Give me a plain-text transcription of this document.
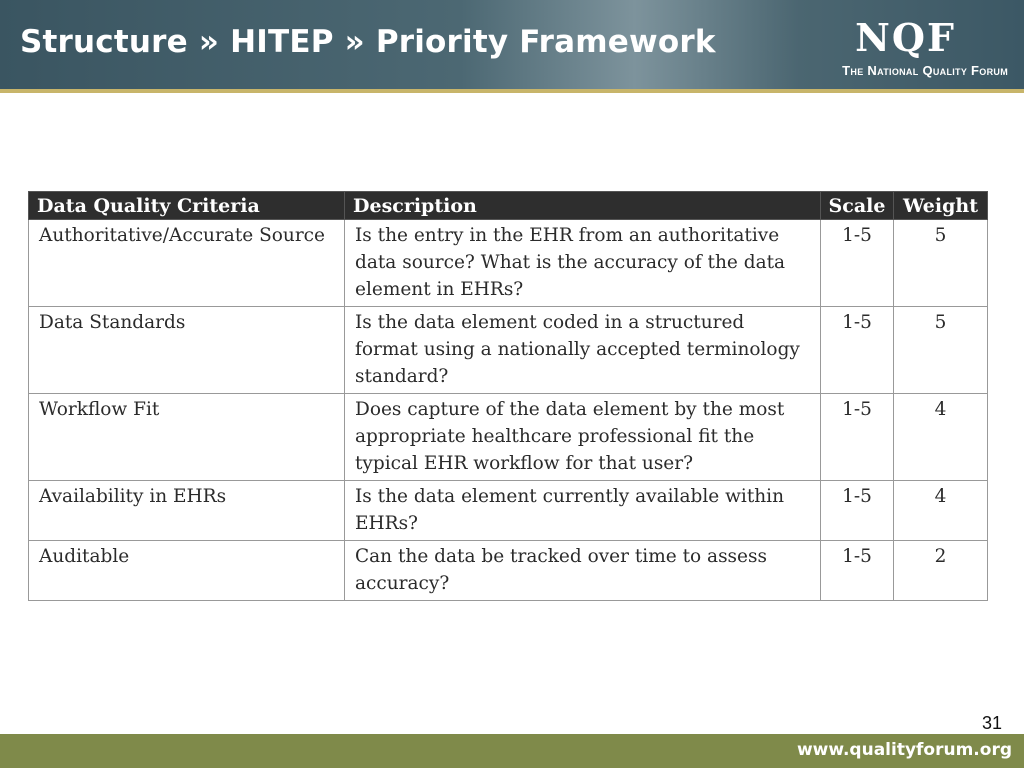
Structure » HITEP » Priority Framework	NQF
The National Quality Forum
Data Quality Criteria	Description	Scale	Weight
Authoritative/Accurate Source	Is the entry in the EHR from an authoritative data source? What is the accuracy of the data element in EHRs?	1-5	5
Data Standards	Is the data element coded in a structured format using a nationally accepted terminology standard?	1-5	5
Workflow Fit	Does capture of the data element by the most appropriate healthcare professional fit the typical EHR workflow for that user?	1-5	4
Availability in EHRs	Is the data element currently available within EHRs?	1-5	4
Auditable	Can the data be tracked over time to assess accuracy?	1-5	2
31
www.qualityforum.org
